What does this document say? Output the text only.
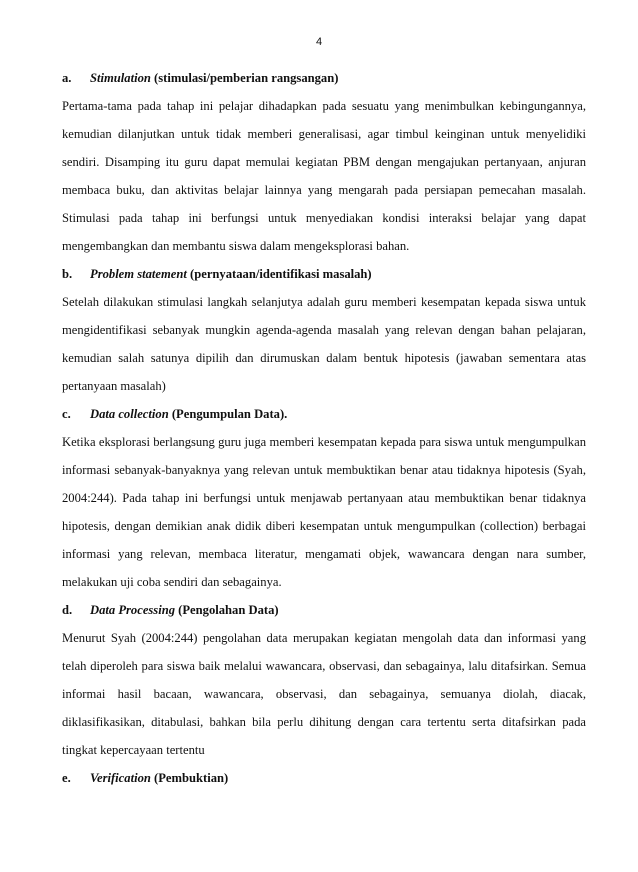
4
a. Stimulation (stimulasi/pemberian rangsangan)
Pertama-tama pada tahap ini pelajar dihadapkan pada sesuatu yang menimbulkan kebingungannya,
kemudian dilanjutkan untuk tidak memberi generalisasi, agar timbul keinginan untuk menyelidiki
sendiri. Disamping itu guru dapat memulai kegiatan PBM dengan mengajukan pertanyaan, anjuran
membaca buku, dan aktivitas belajar lainnya yang mengarah pada persiapan pemecahan masalah.
Stimulasi pada tahap ini berfungsi untuk menyediakan kondisi interaksi belajar yang dapat
mengembangkan dan membantu siswa dalam mengeksplorasi bahan.
b. Problem statement (pernyataan/identifikasi masalah)
Setelah dilakukan stimulasi langkah selanjutya adalah guru memberi kesempatan kepada siswa untuk
mengidentifikasi sebanyak mungkin agenda-agenda masalah yang relevan dengan bahan pelajaran,
kemudian salah satunya dipilih dan dirumuskan dalam bentuk hipotesis (jawaban sementara atas
pertanyaan masalah)
c. Data collection (Pengumpulan Data).
Ketika eksplorasi berlangsung guru juga memberi kesempatan kepada para siswa untuk mengumpulkan
informasi sebanyak-banyaknya yang relevan untuk membuktikan benar atau tidaknya hipotesis (Syah,
2004:244). Pada tahap ini berfungsi untuk menjawab pertanyaan atau membuktikan benar tidaknya
hipotesis, dengan demikian anak didik diberi kesempatan untuk mengumpulkan (collection) berbagai
informasi yang relevan, membaca literatur, mengamati objek, wawancara dengan nara sumber,
melakukan uji coba sendiri dan sebagainya.
d. Data Processing (Pengolahan Data)
Menurut Syah (2004:244) pengolahan data merupakan kegiatan mengolah data dan informasi yang
telah diperoleh para siswa baik melalui wawancara, observasi, dan sebagainya, lalu ditafsirkan. Semua
informai hasil bacaan, wawancara, observasi, dan sebagainya, semuanya diolah, diacak,
diklasifikasikan, ditabulasi, bahkan bila perlu dihitung dengan cara tertentu serta ditafsirkan pada
tingkat kepercayaan tertentu
e. Verification (Pembuktian)
